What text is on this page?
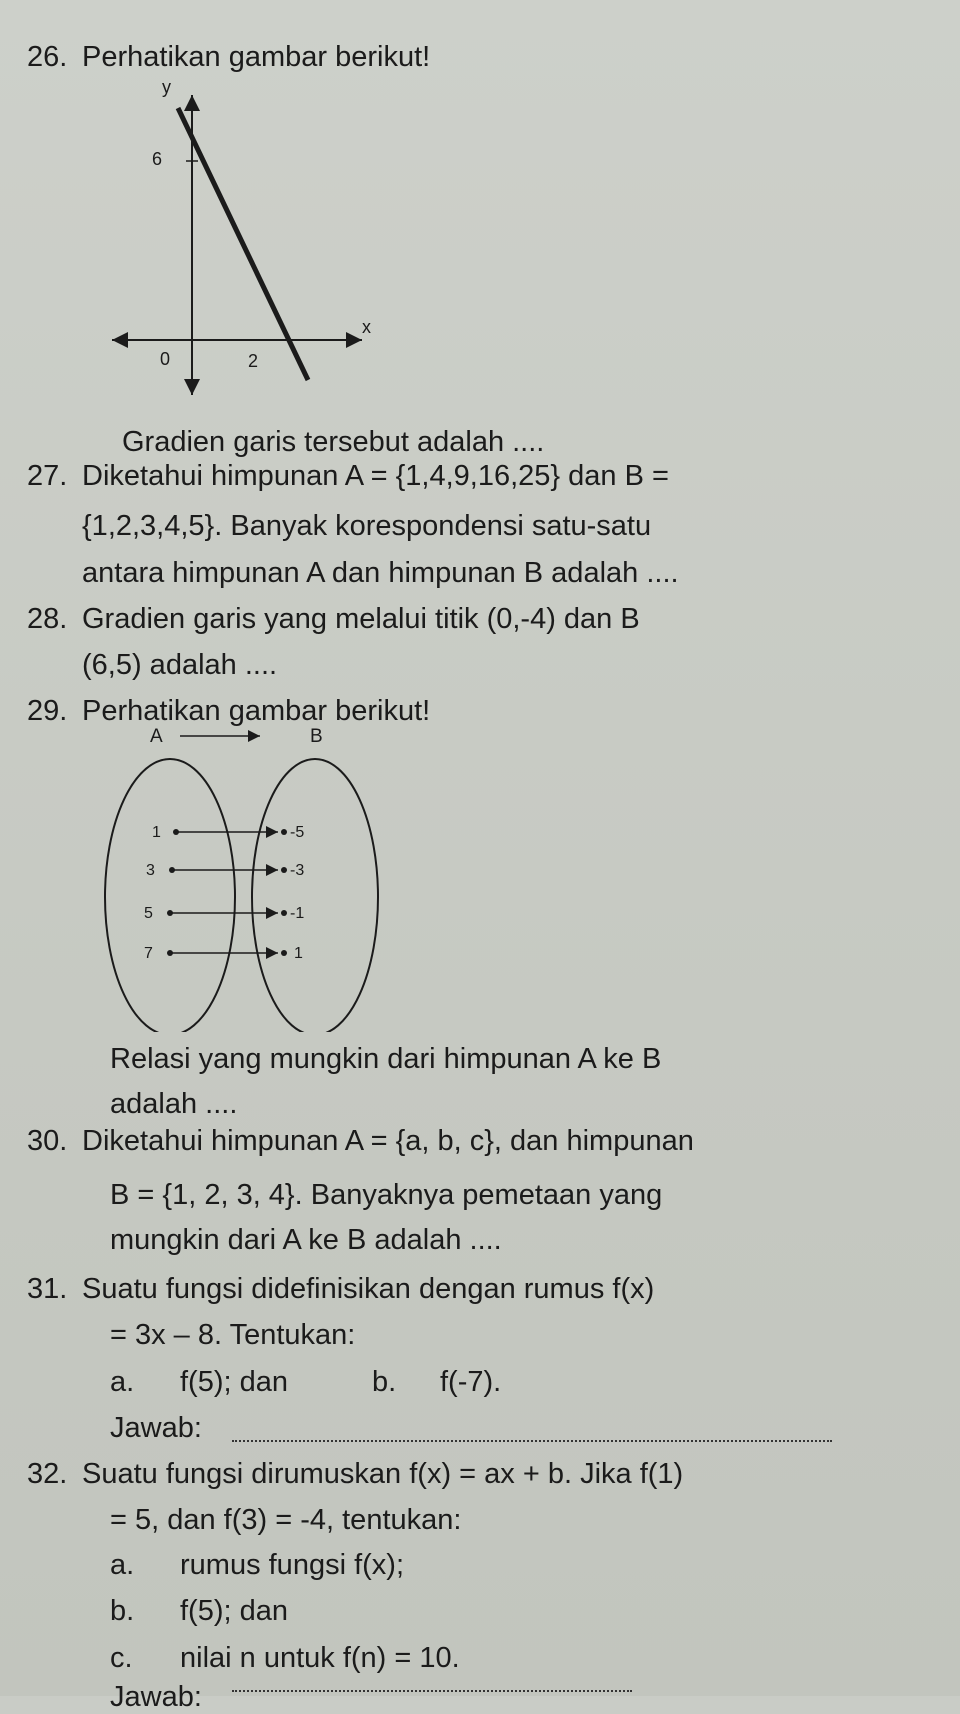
26. Perhatikan gambar berikut!
y
x
6
0	2
Gradien garis tersebut adalah ....
27. Diketahui himpunan A = {1,4,9,16,25} dan B =
{1,2,3,4,5}. Banyak korespondensi satu-satu
antara himpunan A dan himpunan B adalah ....
28. Gradien garis yang melalui titik (0,-4) dan B
(6,5) adalah ....
29. Perhatikan gambar berikut!
A	B
1
3
5
7
-5
-3
-1
1
Relasi yang mungkin dari himpunan A ke B
adalah ....
30. Diketahui himpunan A = {a, b, c}, dan himpunan
B = {1, 2, 3, 4}. Banyaknya pemetaan yang
mungkin dari A ke B adalah ....
31. Suatu fungsi didefinisikan dengan rumus f(x)
= 3x – 8. Tentukan:
a. f(5); dan	b. f(-7).
Jawab:
32. Suatu fungsi dirumuskan f(x) = ax + b. Jika f(1)
= 5, dan f(3) = -4, tentukan:
a. rumus fungsi f(x);
b. f(5); dan
c. nilai n untuk f(n) = 10.
Jawab:
